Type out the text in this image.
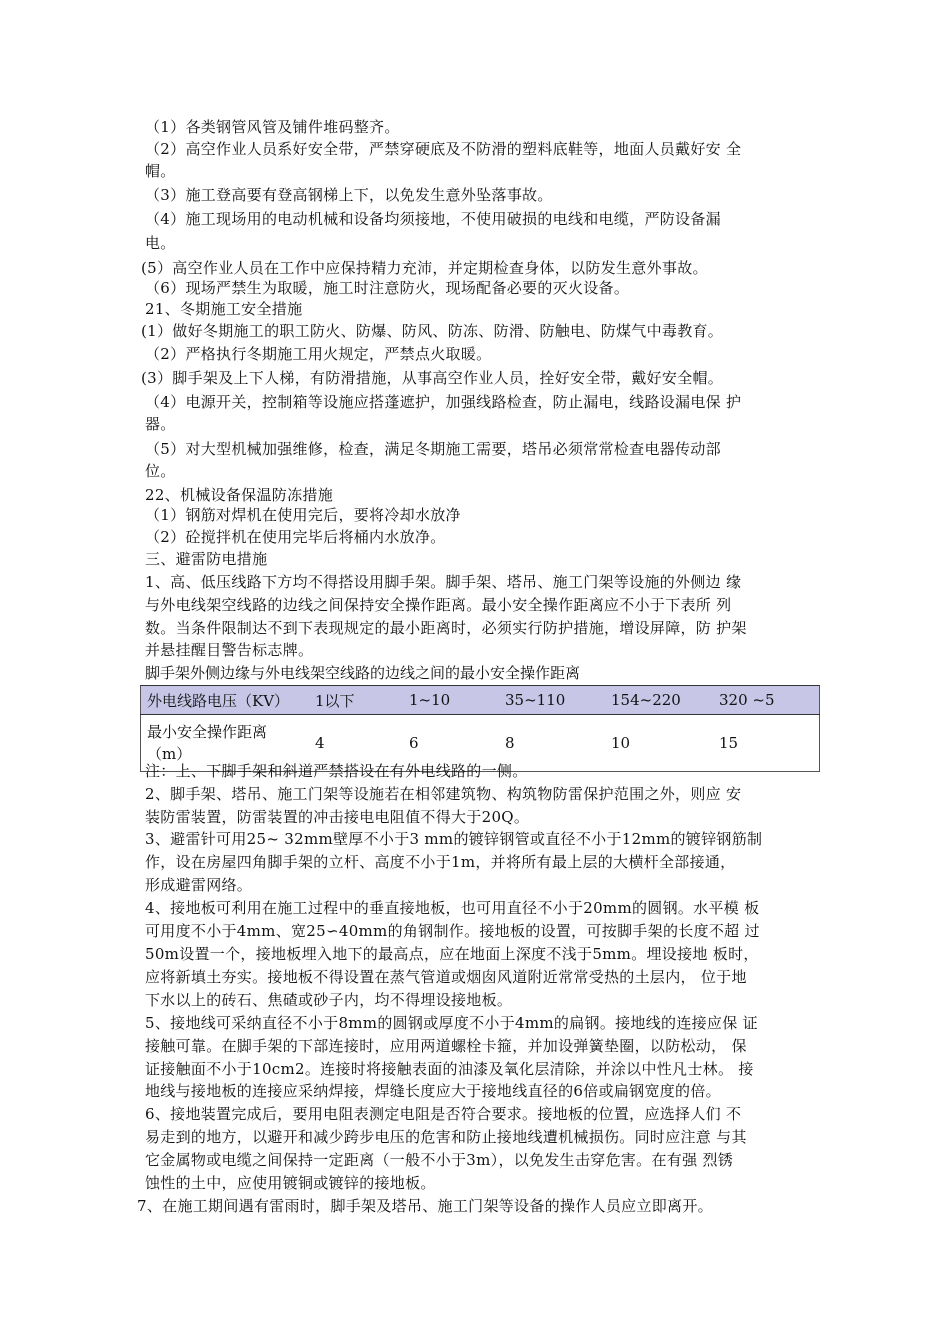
（1）各类钢管风管及铺件堆码整齐。
（2）高空作业人员系好安全带，严禁穿硬底及不防滑的塑料底鞋等，地面人员戴好安 全
帽。
（3）施工登高要有登高钢梯上下，以免发生意外坠落事故。
（4）施工现场用的电动机械和设备均须接地，不使用破损的电线和电缆，严防设备漏
电。
(5）高空作业人员在工作中应保持精力充沛，并定期检查身体，以防发生意外事故。
（6）现场严禁生为取暖，施工时注意防火，现场配备必要的灭火设备。
21、冬期施工安全措施
(1）做好冬期施工的职工防火、防爆、防风、防冻、防滑、防触电、防煤气中毒教育。
（2）严格执行冬期施工用火规定，严禁点火取暖。
(3）脚手架及上下人梯，有防滑措施，从事高空作业人员，拴好安全带，戴好安全帽。
（4）电源开关，控制箱等设施应搭蓬遮护，加强线路检查，防止漏电，线路设漏电保 护
器。
（5）对大型机械加强维修，检查，满足冬期施工需要，塔吊必须常常检查电器传动部
位。
22、机械设备保温防冻措施
（1）钢筋对焊机在使用完后，要将冷却水放净
（2）砼搅拌机在使用完毕后将桶内水放净。
三、避雷防电措施
1、高、低压线路下方均不得搭设用脚手架。脚手架、塔吊、施工门架等设施的外侧边 缘
与外电线架空线路的边线之间保持安全操作距离。最小安全操作距离应不小于下表所 列
数。当条件限制达不到下表现规定的最小距离时，必须实行防护措施，增设屏障，防 护架
并悬挂醒目警告标志牌。
脚手架外侧边缘与外电线架空线路的边线之间的最小安全操作距离
外电线路电压（KV）	1以下	1~10	35~110	154~220	320 ~5

最小安全操作距离
（m）	4	6	8	10	15
注：上、下脚手架和斜道严禁搭设在有外电线路的一侧。
2、脚手架、塔吊、施工门架等设施若在相邻建筑物、构筑物防雷保护范围之外，则应 安
装防雷装置，防雷装置的冲击接电电阻值不得大于20Q。
3、避雷针可用25~ 32mm壁厚不小于3 mm的镀锌钢管或直径不小于12mm的镀锌钢筋制
作，设在房屋四角脚手架的立杆、高度不小于1m，并将所有最上层的大横杆全部接通，
形成避雷网络。
4、接地板可利用在施工过程中的垂直接地板，也可用直径不小于20mm的圆钢。水平模 板
可用度不小于4mm、宽25∽40mm的角钢制作。接地板的设置，可按脚手架的长度不超 过
50m设置一个，接地板埋入地下的最高点，应在地面上深度不浅于5mm。埋设接地 板时，
应将新填土夯实。接地板不得设置在蒸气管道或烟囱风道附近常常受热的土层内， 位于地
下水以上的砖石、焦碴或砂子内，均不得埋设接地板。
5、接地线可采纳直径不小于8mm的圆钢或厚度不小于4mm的扁钢。接地线的连接应保 证
接触可靠。在脚手架的下部连接时，应用两道螺栓卡箍，并加设弹簧垫圈，以防松动， 保
证接触面不小于10cm2。连接时将接触表面的油漆及氧化层清除，并涂以中性凡士林。 接
地线与接地板的连接应采纳焊接，焊缝长度应大于接地线直径的6倍或扁钢宽度的倍。
6、接地装置完成后，要用电阻表测定电阻是否符合要求。接地板的位置，应选择人们 不
易走到的地方，以避开和减少跨步电压的危害和防止接地线遭机械损伤。同时应注意 与其
它金属物或电缆之间保持一定距离（一般不小于3m），以免发生击穿危害。在有强 烈锈
蚀性的土中，应使用镀铜或镀锌的接地板。
7、在施工期间遇有雷雨时，脚手架及塔吊、施工门架等设备的操作人员应立即离开。
